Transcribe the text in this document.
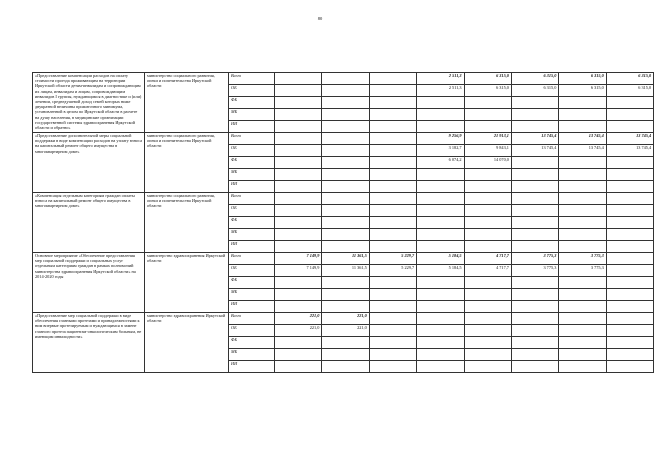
80
«Предоставление компенсации расходов на оплату стоимости проезда проживающим на территории Иркутской области детям-инвалидам и сопровождающим их лицам, инвалидам и лицам, сопровождающим инвалидов I группы, нуждающимся в диагностике и (или) лечении, среднедушевой доход семей которых ниже двукратной величины прожиточного минимума, установленной в целом по Иркутской области в расчете на душу населения, в медицинские организации государственной системы здравоохранения Иркутской области и обратно»	министерство социального развития, опеки и попечительства Иркутской области	Всего				2 511,3	6 315,0	6 315,0	6 315,0	6 315,0
		ОБ				2 511,3	6 315,0	6 315,0	6 315,0	6 315,0
		ФБ								
		МБ								
		ИИ								
«Предоставление дополнительной меры социальной поддержки в виде компенсации расходов на уплату взноса на капитальный ремонт общего имущества в многоквартирном доме»	министерство социального развития, опеки и попечительства Иркутской области	Всего				9 256,9	21 913,1	13 745,4	13 745,4	13 745,4
		ОБ				3 182,7	9 843,1	13 745,4	13 745,4	13 745,4
		ФБ				6 074,2	14 070,0			
		МБ								
		ИИ								
«Компенсация отдельным категориям граждан оплаты взноса на капитальный ремонт общего имущества в многоквартирном доме»	министерство социального развития, опеки и попечительства Иркутской области	Всего								
		ОБ								
		ФБ								
		МБ								
		ИИ								
Основное мероприятие «Обеспечение предоставления мер социальной поддержки и социальных услуг отдельным категориям граждан в рамках полномочий министерства здравоохранения Иркутской области» на 2014-2020 годы	министерство здравоохранения Иркутской области	Всего	7 149,9	11 361,5	5 229,7	5 184,5	4 717,7	3 775,3	3 775,3	
		ОБ	7 149,9	11 361,5	5 229,7	5 184,5	4 717,7	3 775,3	3 775,3	
		ФБ								
		МБ								
		ИИ								
«Предоставление мер социальной поддержки в виде обеспечения глазными протезами и принадлежностями к ним впервые протезируемым и нуждающимся в замене глазного протеза пациентам-онкологическим больным, не имеющим инвалидности»	министерство здравоохранения Иркутской области	Всего	221,0	221,0						
		ОБ	221,0	221,0						
		ФБ								
		МБ								
		ИИ								
